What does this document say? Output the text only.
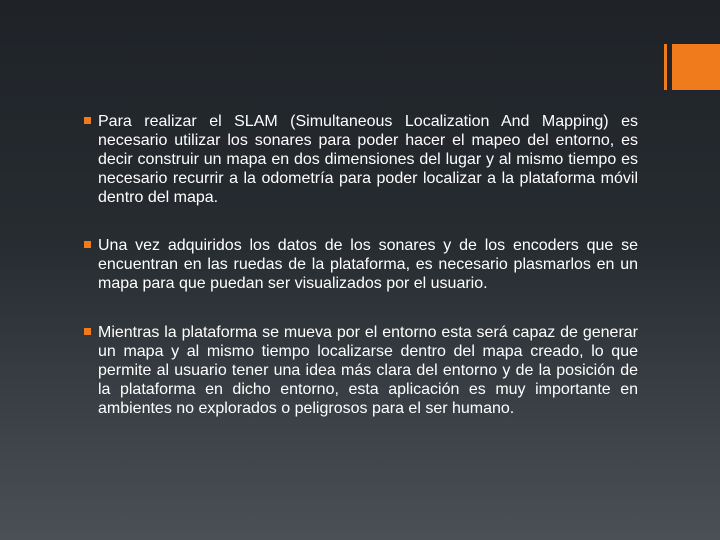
Para realizar el SLAM (Simultaneous Localization And Mapping) es necesario utilizar los sonares para poder hacer el mapeo del entorno, es decir construir un mapa en dos dimensiones del lugar y al mismo tiempo es necesario recurrir a la odometría para poder localizar a la plataforma móvil dentro del mapa.
Una vez adquiridos los datos de los sonares y de los encoders que se encuentran en las ruedas de la plataforma, es necesario plasmarlos en un mapa para que puedan ser visualizados por el usuario.
Mientras la plataforma se mueva por el entorno esta será capaz de generar un mapa y al mismo tiempo localizarse dentro del mapa creado, lo que permite al usuario tener una idea más clara del entorno y de la posición de la plataforma en dicho entorno, esta aplicación es muy importante en ambientes no explorados o peligrosos para el ser humano.
